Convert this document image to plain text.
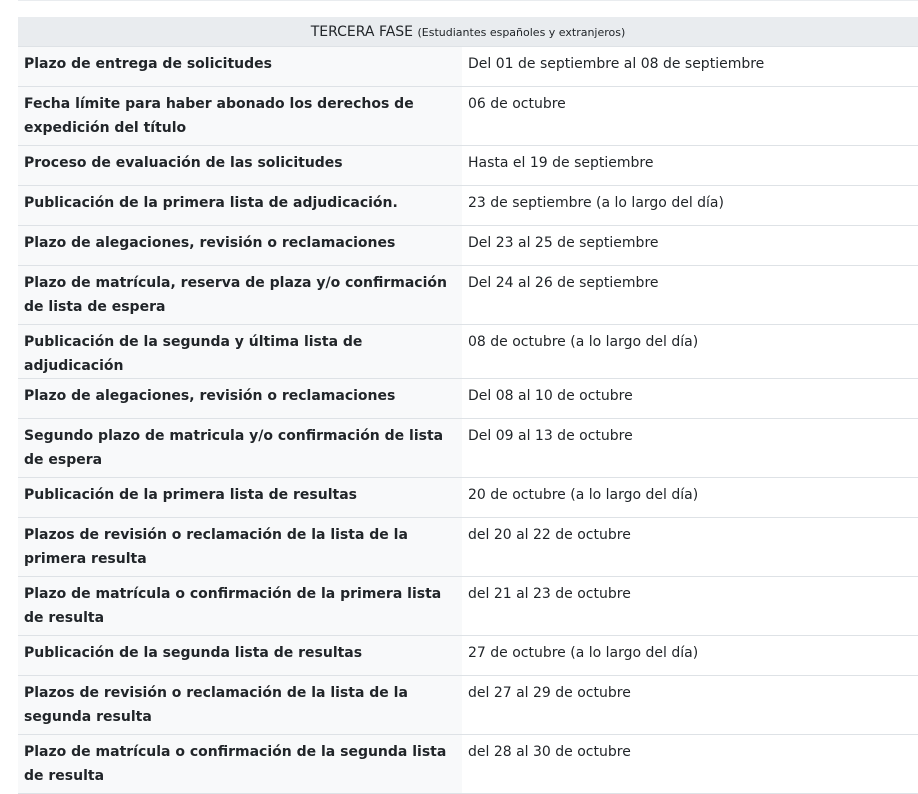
TERCERA FASE (Estudiantes españoles y extranjeros)	
Plazo de entrega de solicitudes	Del 01 de septiembre al 08 de septiembre
Fecha límite para haber abonado los derechos de expedición del título	06 de octubre
Proceso de evaluación de las solicitudes	Hasta el 19 de septiembre
Publicación de la primera lista de adjudicación.	23 de septiembre (a lo largo del día)
Plazo de alegaciones, revisión o reclamaciones	Del 23 al 25 de septiembre
Plazo de matrícula, reserva de plaza y/o confirmación de lista de espera	Del 24 al 26 de septiembre
Publicación de la segunda y última lista de adjudicación	08 de octubre (a lo largo del día)
Plazo de alegaciones, revisión o reclamaciones	Del 08 al 10 de octubre
Segundo plazo de matricula y/o confirmación de lista de espera	Del 09 al 13 de octubre
Publicación de la primera lista de resultas	20 de octubre (a lo largo del día)
Plazos de revisión o reclamación de la lista de la primera resulta	del 20 al 22 de octubre
Plazo de matrícula o confirmación de la primera lista de resulta	del 21 al 23 de octubre
Publicación de la segunda lista de resultas	27 de octubre (a lo largo del día)
Plazos de revisión o reclamación de la lista de la segunda resulta	del 27 al 29 de octubre
Plazo de matrícula o confirmación de la segunda lista de resulta	del 28 al 30 de octubre
